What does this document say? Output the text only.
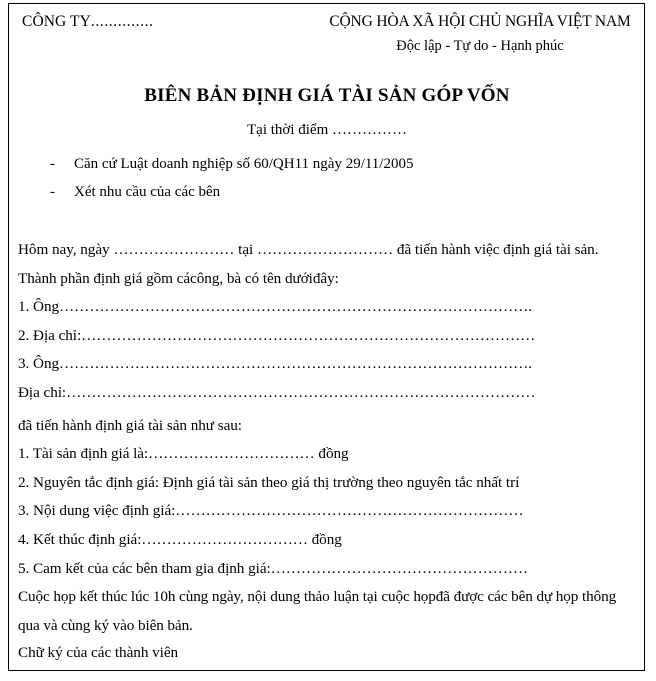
CÔNG TY..............	CỘNG HÒA XÃ HỘI CHỦ NGHĨA VIỆT NAM
Độc lập - Tự do - Hạnh phúc
BIÊN BẢN ĐỊNH GIÁ TÀI SẢN GÓP VỐN
Tại thời điểm ……………
- Căn cứ Luật doanh nghiệp số 60/QH11 ngày 29/11/2005
- Xét nhu cầu của các bên
Hôm nay, ngày …………………… tại ……………………… đã tiến hành việc định giá tài sản.
Thành phần định giá gồm cácông, bà có tên dướiđây:
1. Ông………………………………………………………………………………….
2. Địa chỉ:………………………………………………………………………………
3. Ông………………………………………………………………………………….
Địa chỉ:…………………………………………………………………………………
đã tiến hành định giá tài sản như sau:
1. Tài sản định giá là:…………………………… đồng
2. Nguyên tắc định giá: Định giá tài sản theo giá thị trường theo nguyên tắc nhất trí
3. Nội dung việc định giá:……………………………………………………………
4. Kết thúc định giá:…………………………… đồng
5. Cam kết của các bên tham gia định giá:……………………………………………
Cuộc họp kết thúc lúc 10h cùng ngày, nội dung thảo luận tại cuộc họpđã được các bên dự họp thông qua và cùng ký vào biên bản.
Chữ ký của các thành viên
